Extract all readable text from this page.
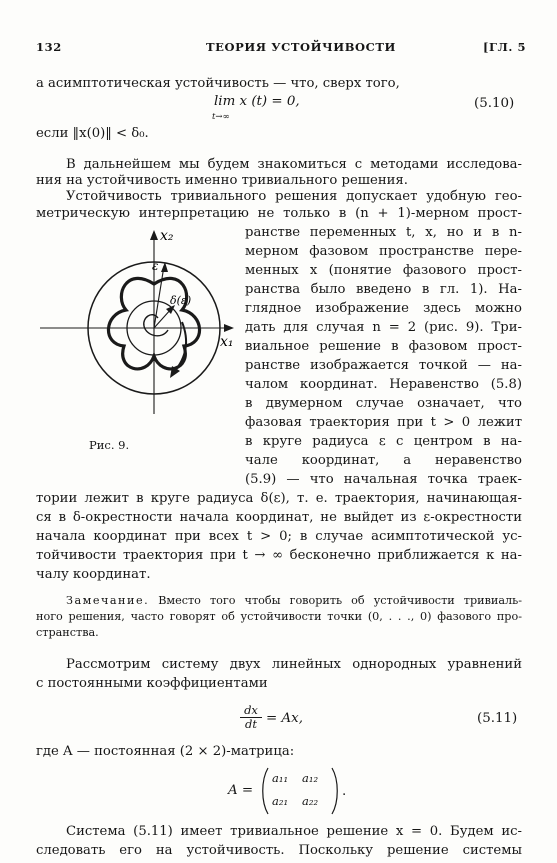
132	ТЕОРИЯ УСТОЙЧИВОСТИ	[ГЛ. 5
а асимптотическая устойчивость — что, сверх того,
lim x (t) = 0,
t→∞
(5.10)
если ‖x(0)‖ < δ₀.
В дальнейшем мы будем знакомиться с методами исследова-
ния на устойчивость именно тривиального решения.
Устойчивость тривиального решения допускает удобную гео-
метрическую интерпретацию не только в (n + 1)-мерном прост-
ранстве переменных t, x, но и в n-
мерном фазовом пространстве пере-
менных x (понятие фазового прост-
ранства было введено в гл. 1). На-
глядное изображение здесь можно
дать для случая n = 2 (рис. 9). Три-
виальное решение в фазовом прост-
ранстве изображается точкой — на-
чалом координат. Неравенство (5.8)
в двумерном случае означает, что
фазовая траектория при t > 0 лежит
в круге радиуса ε с центром в на-
чале координат, а неравенство
(5.9) — что начальная точка траек-
тории лежит в круге радиуса δ(ε), т. е. траектория, начинающая-
ся в δ-окрестности начала координат, не выйдет из ε-окрестности
начала координат при всех t > 0; в случае асимптотической ус-
тойчивости траектория при t → ∞ бесконечно приближается к на-
чалу координат.
x₂
x₁
ε
δ(ε)
Рис. 9.
Замечание. Вместо того чтобы говорить об устойчивости тривиаль-
ного решения, часто говорят об устойчивости точки (0, . . ., 0) фазового про-
странства.
Рассмотрим систему двух линейных однородных уравнений
с постоянными коэффициентами
$\frac{dx}{dt} = Ax$,	(5.11)
где A — постоянная (2 × 2)-матрица:
A =
a₁₁ a₁₂
a₂₁ a₂₂
.
Система (5.11) имеет тривиальное решение x = 0. Будем ис-
следовать его на устойчивость. Поскольку решение системы
